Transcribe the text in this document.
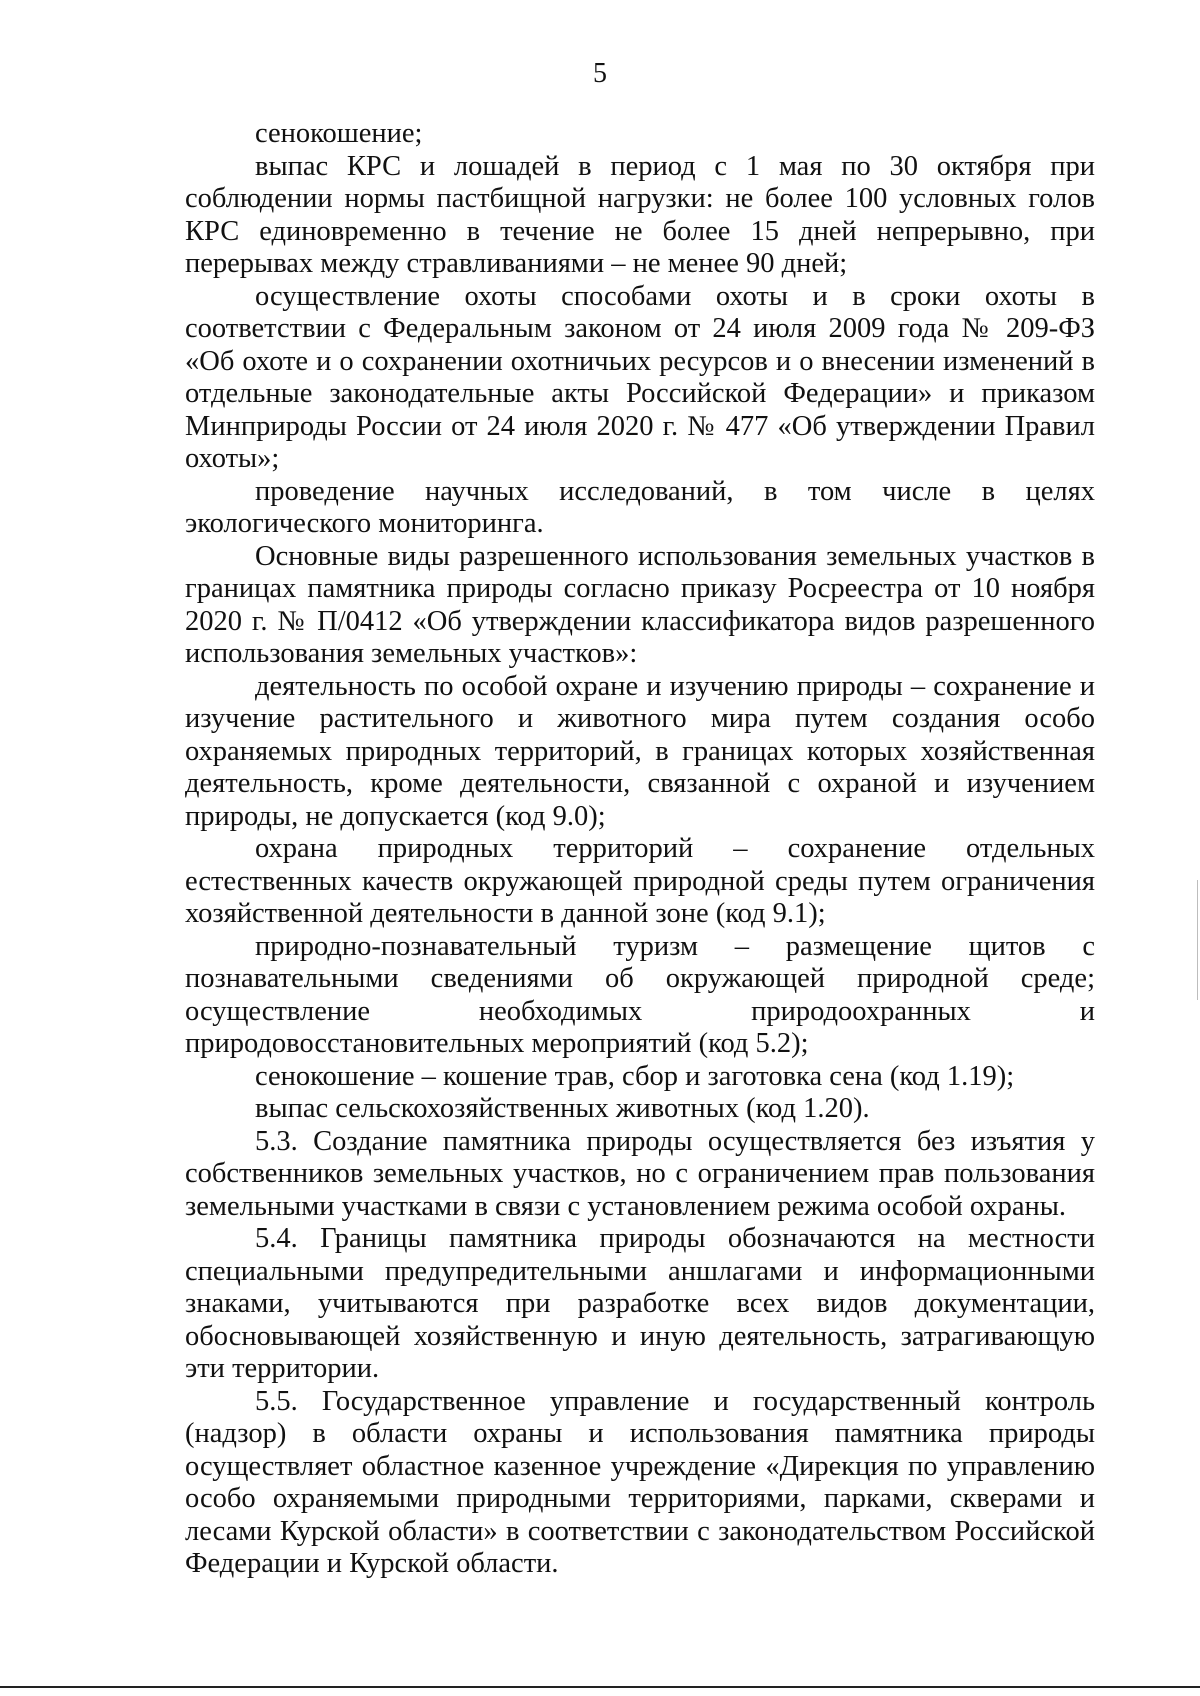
5

сенокошение;

выпас КРС и лошадей в период с 1 мая по 30 октября при соблюдении нормы пастбищной нагрузки: не более 100 условных голов КРС единовременно в течение не более 15 дней непрерывно, при перерывах между стравливаниями – не менее 90 дней;

осуществление охоты способами охоты и в сроки охоты в соответствии с Федеральным законом от 24 июля 2009 года № 209-ФЗ «Об охоте и о сохранении охотничьих ресурсов и о внесении изменений в отдельные законодательные акты Российской Федерации» и приказом Минприроды России от 24 июля 2020 г. № 477 «Об утверждении Правил охоты»;

проведение научных исследований, в том числе в целях экологического мониторинга.

Основные виды разрешенного использования земельных участков в границах памятника природы согласно приказу Росреестра от 10 ноября 2020 г. № П/0412 «Об утверждении классификатора видов разрешенного использования земельных участков»:

деятельность по особой охране и изучению природы – сохранение и изучение растительного и животного мира путем создания особо охраняемых природных территорий, в границах которых хозяйственная деятельность, кроме деятельности, связанной с охраной и изучением природы, не допускается (код 9.0);

охрана природных территорий – сохранение отдельных естественных качеств окружающей природной среды путем ограничения хозяйственной деятельности в данной зоне (код 9.1);

природно-познавательный туризм – размещение щитов с познавательными сведениями об окружающей природной среде; осуществление необходимых природоохранных и природовосстановительных мероприятий (код 5.2);

сенокошение – кошение трав, сбор и заготовка сена (код 1.19);

выпас сельскохозяйственных животных (код 1.20).

5.3. Создание памятника природы осуществляется без изъятия у собственников земельных участков, но с ограничением прав пользования земельными участками в связи с установлением режима особой охраны.

5.4. Границы памятника природы обозначаются на местности специальными предупредительными аншлагами и информационными знаками, учитываются при разработке всех видов документации, обосновывающей хозяйственную и иную деятельность, затрагивающую эти территории.

5.5. Государственное управление и государственный контроль (надзор) в области охраны и использования памятника природы осуществляет областное казенное учреждение «Дирекция по управлению особо охраняемыми природными территориями, парками, скверами и лесами Курской области» в соответствии с законодательством Российской Федерации и Курской области.
